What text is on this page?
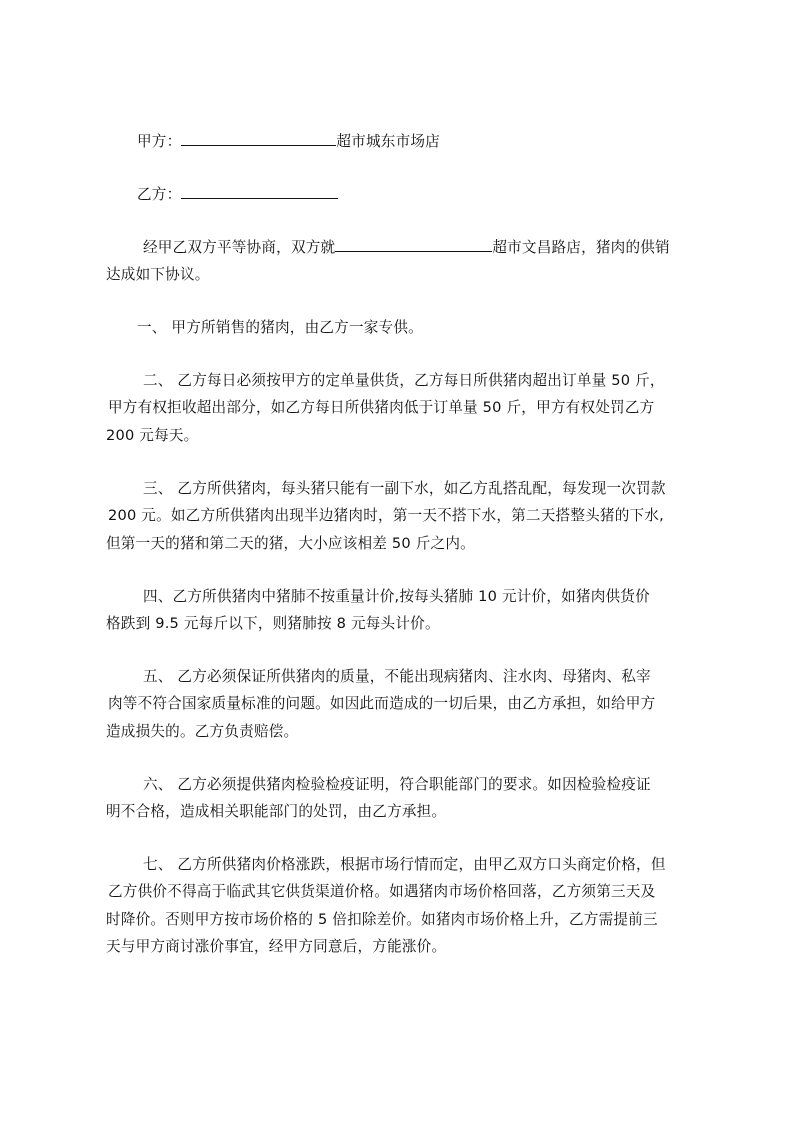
甲方：	超市城东市场店
乙方：
经甲乙双方平等协商，双方就	超市文昌路店，猪肉的供销
达成如下协议。
一、 甲方所销售的猪肉，由乙方一家专供。
二、 乙方每日必须按甲方的定单量供货，乙方每日所供猪肉超出订单量 50 斤，
甲方有权拒收超出部分，如乙方每日所供猪肉低于订单量 50 斤，甲方有权处罚乙方
200 元每天。
三、 乙方所供猪肉，每头猪只能有一副下水，如乙方乱搭乱配，每发现一次罚款
200 元。如乙方所供猪肉出现半边猪肉时，第一天不搭下水，第二天搭整头猪的下水,
但第一天的猪和第二天的猪，大小应该相差 50 斤之内。
四、乙方所供猪肉中猪肺不按重量计价,按每头猪肺 10 元计价，如猪肉供货价
格跌到 9.5 元每斤以下，则猪肺按 8 元每头计价。
五、 乙方必须保证所供猪肉的质量，不能出现病猪肉、注水肉、母猪肉、私宰
肉等不符合国家质量标准的问题。如因此而造成的一切后果，由乙方承担，如给甲方
造成损失的。乙方负责赔偿。
六、 乙方必须提供猪肉检验检疫证明，符合职能部门的要求。如因检验检疫证
明不合格，造成相关职能部门的处罚，由乙方承担。
七、 乙方所供猪肉价格涨跌，根据市场行情而定，由甲乙双方口头商定价格，但
乙方供价不得高于临武其它供货渠道价格。如遇猪肉市场价格回落，乙方须第三天及
时降价。否则甲方按市场价格的 5 倍扣除差价。如猪肉市场价格上升，乙方需提前三
天与甲方商讨涨价事宜，经甲方同意后，方能涨价。
